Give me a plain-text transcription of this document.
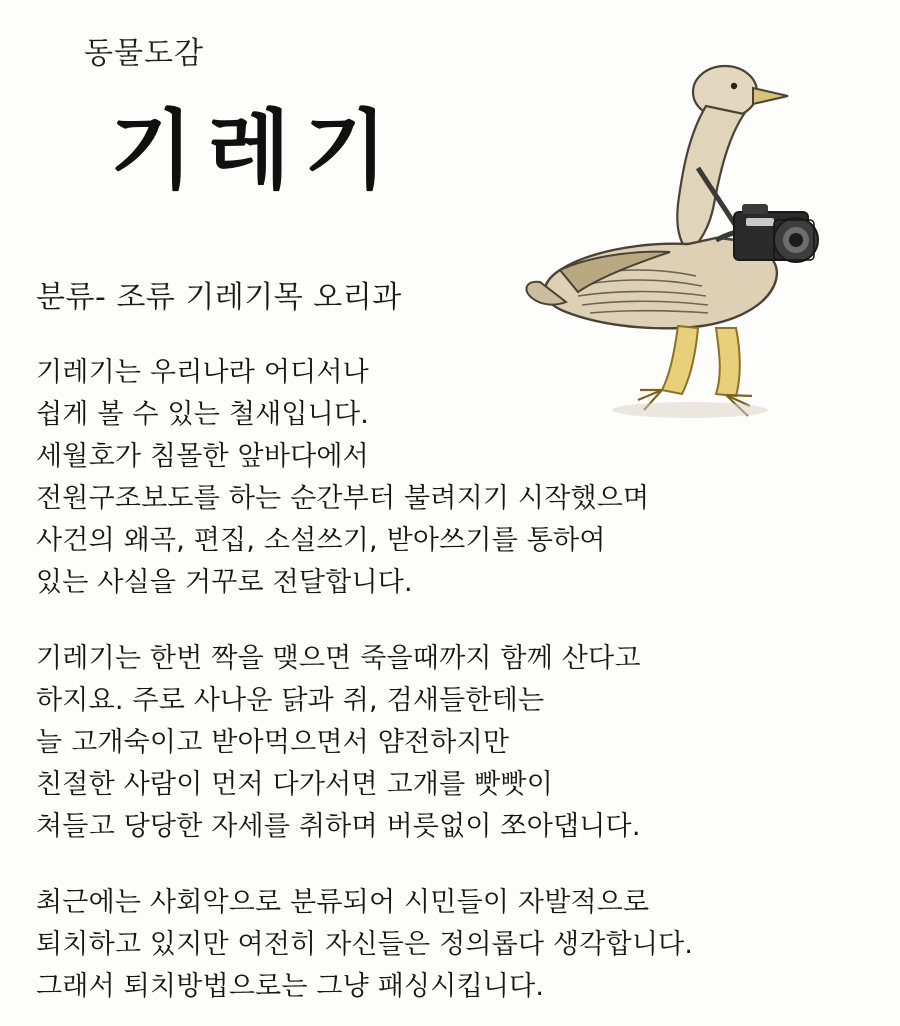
동물도감
기레기
분류- 조류 기레기목 오리과

기레기는 우리나라 어디서나
쉽게 볼 수 있는 철새입니다.
세월호가 침몰한 앞바다에서
전원구조보도를 하는 순간부터 불려지기 시작했으며
사건의 왜곡, 편집, 소설쓰기, 받아쓰기를 통하여
있는 사실을 거꾸로 전달합니다.

기레기는 한번 짝을 맺으면 죽을때까지 함께 산다고
하지요. 주로 사나운 닭과 쥐, 검새들한테는
늘 고개숙이고 받아먹으면서 얌전하지만
친절한 사람이 먼저 다가서면 고개를 빳빳이
쳐들고 당당한 자세를 취하며 버릇없이 쪼아댑니다.

최근에는 사회악으로 분류되어 시민들이 자발적으로
퇴치하고 있지만 여전히 자신들은 정의롭다 생각합니다.
그래서 퇴치방법으로는 그냥 패싱시킵니다.
